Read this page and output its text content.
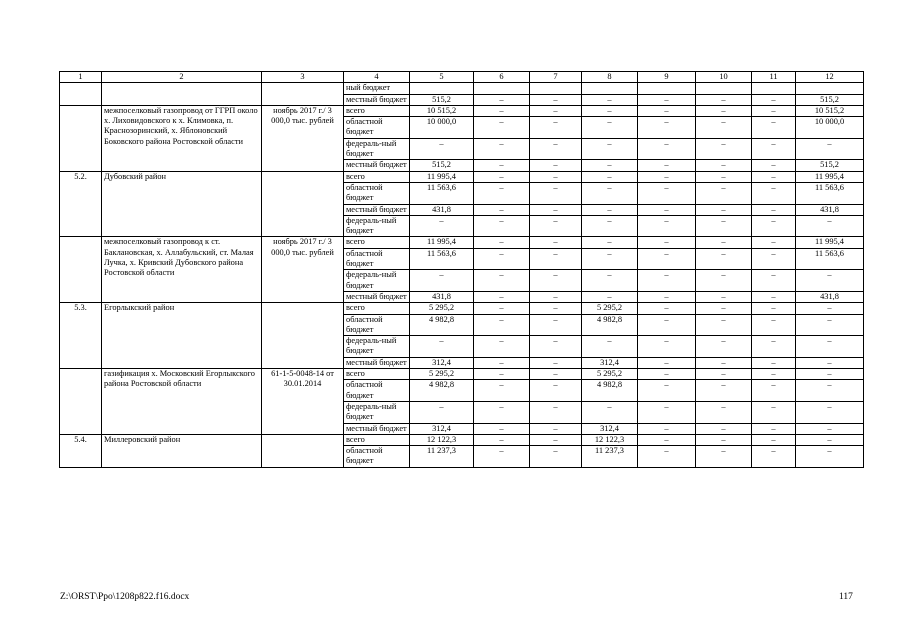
1	2	3	4	5	6	7	8	9	10	11	12
			ный бюджет								
			местный бюджет	515,2	–	–	–	–	–	–	515,2
	межпоселковый газопровод от ГГРП около х. Лиховидовского к х. Климовка, п. Краснозоринский, х. Яблоновский Боковского района Ростовской области	ноябрь 2017 г./ 3 000,0 тыс. рублей	всего	10 515,2	–	–	–	–	–	–	10 515,2
			областной бюджет	10 000,0	–	–	–	–	–	–	10 000,0
			федераль-ный бюджет	–	–	–	–	–	–	–	–
			местный бюджет	515,2	–	–	–	–	–	–	515,2
5.2.	Дубовский район		всего	11 995,4	–	–	–	–	–	–	11 995,4
			областной бюджет	11 563,6	–	–	–	–	–	–	11 563,6
			местный бюджет	431,8	–	–	–	–	–	–	431,8
			федераль-ный бюджет	–	–	–	–	–	–	–	–
	межпоселковый газопровод к ст. Баклановская, х. Аллабульский, ст. Малая Лучка, х. Кривский Дубовского района Ростовской области	ноябрь 2017 г./ 3 000,0 тыс. рублей	всего	11 995,4	–	–	–	–	–	–	11 995,4
			областной бюджет	11 563,6	–	–	–	–	–	–	11 563,6
			федераль-ный бюджет	–	–	–	–	–	–	–	–
			местный бюджет	431,8	–	–	–	–	–	–	431,8
5.3.	Егорлыкский район		всего	5 295,2	–	–	5 295,2	–	–	–	–
			областной бюджет	4 982,8	–	–	4 982,8	–	–	–	–
			федераль-ный бюджет	–	–	–	–	–	–	–	–
			местный бюджет	312,4	–	–	312,4	–	–	–	–
	газификация х. Московский Егорлыкского района Ростовской области	61-1-5-0048-14 от 30.01.2014	всего	5 295,2	–	–	5 295,2	–	–	–	–
			областной бюджет	4 982,8	–	–	4 982,8	–	–	–	–
			федераль-ный бюджет	–	–	–	–	–	–	–	–
			местный бюджет	312,4	–	–	312,4	–	–	–	–
5.4.	Миллеровский район		всего	12 122,3	–	–	12 122,3	–	–	–	–
			областной бюджет	11 237,3	–	–	11 237,3	–	–	–	–
Z:\ORST\Ppo\1208p822.f16.docx	117
